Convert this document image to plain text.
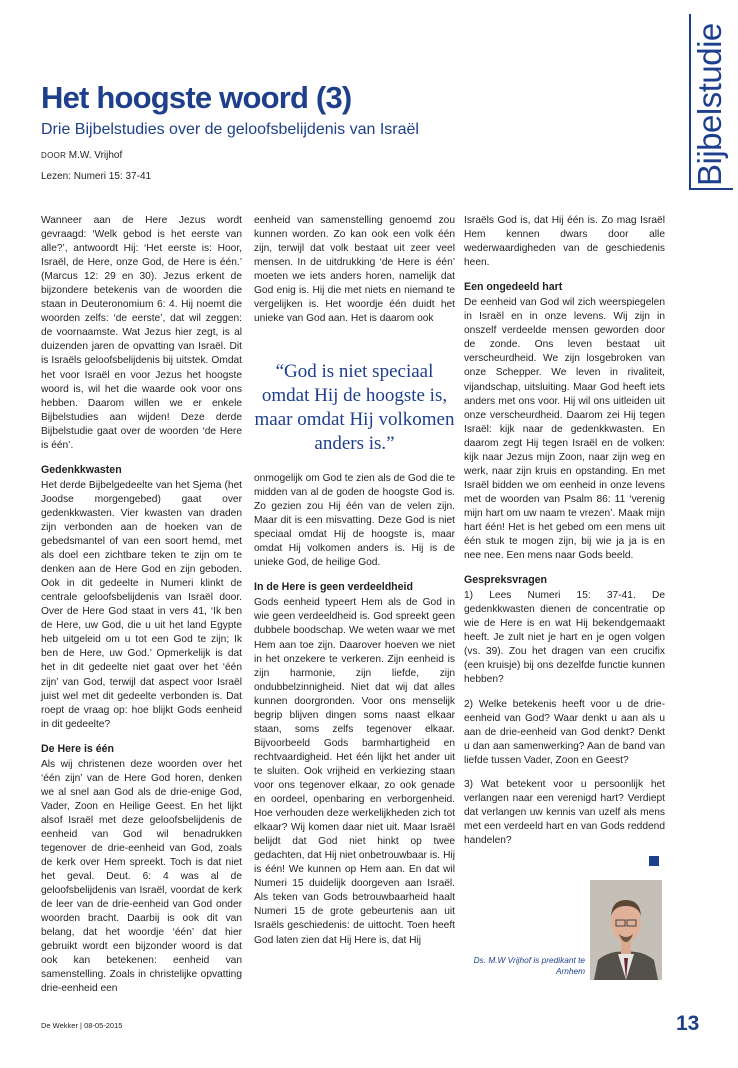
Bijbelstudie
Het hoogste woord (3)
Drie Bijbelstudies over de geloofsbelijdenis van Israël
DOOR M.W. Vrijhof
Lezen: Numeri 15: 37-41

Wanneer aan de Here Jezus wordt gevraagd: ‘Welk gebod is het eerste van alle?’, antwoordt Hij: ‘Het eerste is: Hoor, Israël, de Here, onze God, de Here is één.’ (Marcus 12: 29 en 30). Jezus erkent de bijzondere betekenis van de woorden die staan in Deuteronomium 6: 4. Hij noemt die woorden zelfs: ‘de eerste’, dat wil zeggen: de voornaamste. Wat Jezus hier zegt, is al duizenden jaren de opvatting van Israël. Dit is Israëls geloofsbelijdenis bij uitstek. Omdat het voor Israël en voor Jezus het hoogste woord is, wil het die waarde ook voor ons hebben. Daarom willen we er enkele Bijbelstudies aan wijden! Deze derde Bijbelstudie gaat over de woorden ‘de Here is één’.

Gedenkkwasten

Het derde Bijbelgedeelte van het Sjema (het Joodse morgengebed) gaat over gedenkkwasten. Vier kwasten van draden zijn verbonden aan de hoeken van de gebedsmantel of van een soort hemd, met als doel een zichtbare teken te zijn om te denken aan de Here God en zijn geboden. Ook in dit gedeelte in Numeri klinkt de centrale geloofsbelijdenis van Israël door. Over de Here God staat in vers 41, ‘Ik ben de Here, uw God, die u uit het land Egypte heb uitgeleid om u tot een God te zijn; Ik ben de Here, uw God.’ Opmerkelijk is dat het in dit gedeelte niet gaat over het ‘één zijn’ van God, terwijl dat aspect voor Israël juist wel met dit gedeelte verbonden is. Dat roept de vraag op: hoe blijkt Gods eenheid in dit gedeelte?

De Here is één

Als wij christenen deze woorden over het ‘één zijn’ van de Here God horen, denken we al snel aan God als de drie-enige God, Vader, Zoon en Heilige Geest. En het lijkt alsof Israël met deze geloofsbelijdenis de eenheid van God wil benadrukken tegenover de drie-eenheid van God, zoals de kerk over Hem spreekt. Toch is dat niet het geval. Deut. 6: 4 was al de geloofsbelijdenis van Israël, voordat de kerk de leer van de drie-eenheid van God onder woorden bracht. Daarbij is ook dit van belang, dat het woordje ‘één’ dat hier gebruikt wordt een bijzonder woord is dat ook kan betekenen: eenheid van samenstelling. Zoals in christelijke opvatting drie-eenheid een

eenheid van samenstelling genoemd zou kunnen worden. Zo kan ook een volk één zijn, terwijl dat volk bestaat uit zeer veel mensen. In de uitdrukking ‘de Here is één’ moeten we iets anders horen, namelijk dat God enig is. Hij die met niets en niemand te vergelijken is. Het woordje één duidt het unieke van God aan. Het is daarom ook

“God is niet speciaal omdat Hij de hoogste is, maar omdat Hij volkomen anders is.”

onmogelijk om God te zien als de God die te midden van al de goden de hoogste God is. Zo gezien zou Hij één van de velen zijn. Maar dit is een misvatting. Deze God is niet speciaal omdat Hij de hoogste is, maar omdat Hij volkomen anders is. Hij is de unieke God, de heilige God.

In de Here is geen verdeeldheid

Gods eenheid typeert Hem als de God in wie geen verdeeldheid is. God spreekt geen dubbele boodschap. We weten waar we met Hem aan toe zijn. Daarover hoeven we niet in het onzekere te verkeren. Zijn eenheid is zijn harmonie, zijn liefde, zijn ondubbelzinnigheid. Niet dat wij dat alles kunnen doorgronden. Voor ons menselijk begrip blijven dingen soms naast elkaar staan, soms zelfs tegenover elkaar. Bijvoorbeeld Gods barmhartigheid en rechtvaardigheid. Het één lijkt het ander uit te sluiten. Ook vrijheid en verkiezing staan voor ons tegenover elkaar, zo ook genade en oordeel, openbaring en verborgenheid. Hoe verhouden deze werkelijkheden zich tot elkaar? Wij komen daar niet uit. Maar Israël belijdt dat God niet hinkt op twee gedachten, dat Hij niet onbetrouwbaar is. Hij is één! We kunnen op Hem aan. En dat wil Numeri 15 duidelijk doorgeven aan Israël. Als teken van Gods betrouwbaarheid haalt Numeri 15 de grote gebeurtenis aan uit Israëls geschiedenis: de uittocht. Toen heeft God laten zien dat Hij Here is, dat Hij

Israëls God is, dat Hij één is. Zo mag Israël Hem kennen dwars door alle wederwaardigheden van de geschiedenis heen.

Een ongedeeld hart

De eenheid van God wil zich weerspiegelen in Israël en in onze levens. Wij zijn in onszelf verdeelde mensen geworden door de zonde. Ons leven bestaat uit verscheurdheid. We zijn losgebroken van onze Schepper. We leven in rivaliteit, vijandschap, uitsluiting. Maar God heeft iets anders met ons voor. Hij wil ons uitleiden uit onze verscheurdheid. Daarom zei Hij tegen Israël: kijk naar de gedenkkwasten. En daarom zegt Hij tegen Israël en de volken: kijk naar Jezus mijn Zoon, naar zijn weg en werk, naar zijn kruis en opstanding. En met Israël bidden we om eenheid in onze levens met de woorden van Psalm 86: 11 ‘verenig mijn hart om uw naam te vrezen’. Maak mijn hart één! Het is het gebed om een mens uit één stuk te mogen zijn, bij wie ja ja is en nee nee. Een mens naar Gods beeld.

Gespreksvragen

1) Lees Numeri 15: 37-41. De gedenkkwasten dienen de concentratie op wie de Here is en wat Hij bekendgemaakt heeft. Je zult niet je hart en je ogen volgen (vs. 39). Zou het dragen van een crucifix (een kruisje) bij ons dezelfde functie kunnen hebben?

2) Welke betekenis heeft voor u de drie-eenheid van God? Waar denkt u aan als u aan de drie-eenheid van God denkt? Denkt u dan aan samenwerking? Aan de band van liefde tussen Vader, Zoon en Geest?

3) Wat betekent voor u persoonlijk het verlangen naar een verenigd hart? Verdiept dat verlangen uw kennis van uzelf als mens met een verdeeld hart en van Gods reddend handelen?

Ds. M.W Vrijhof is predikant te Arnhem
De Wekker | 08-05-2015	13
